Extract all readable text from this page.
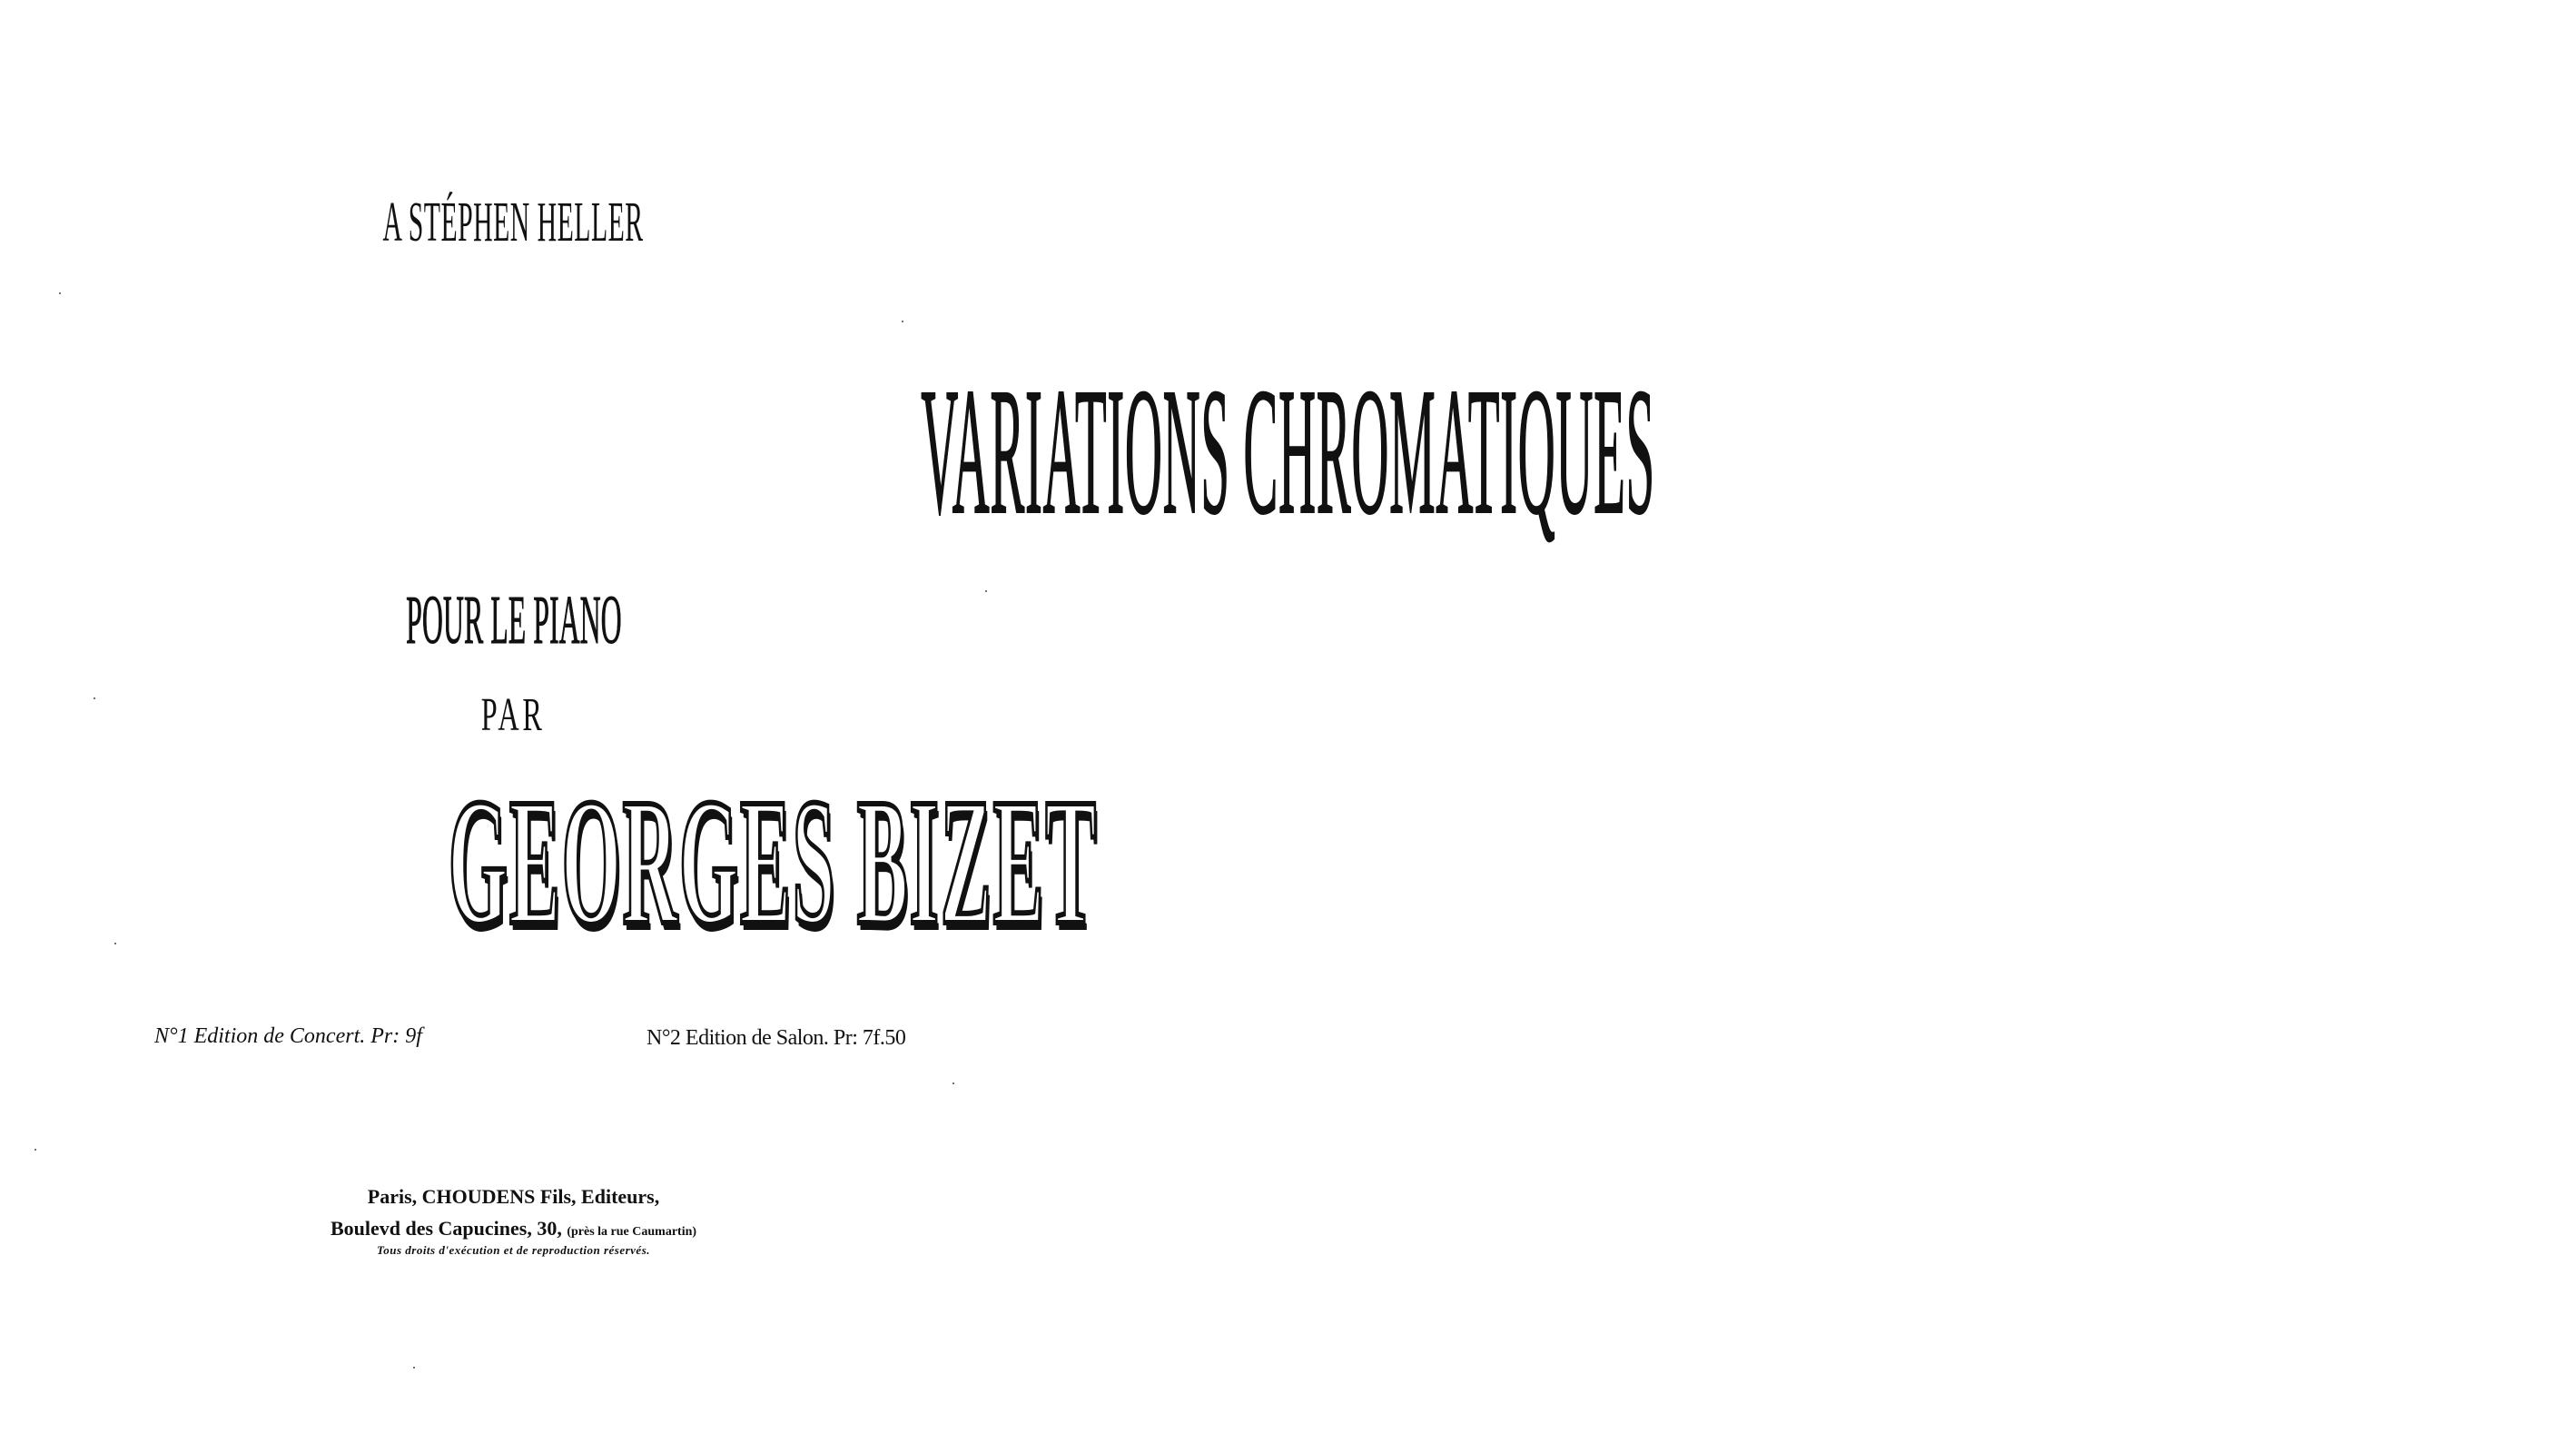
A STÉPHEN HELLER
VARIATIONS CHROMATIQUES
POUR LE PIANO
PAR
GEORGES BIZET
N°1 Edition de Concert. Pr: 9f	N°2 Edition de Salon. Pr: 7f.50
Paris, CHOUDENS Fils, Editeurs,
Boulevd des Capucines, 30, (près la rue Caumartin)
Tous droits d'exécution et de reproduction réservés.
